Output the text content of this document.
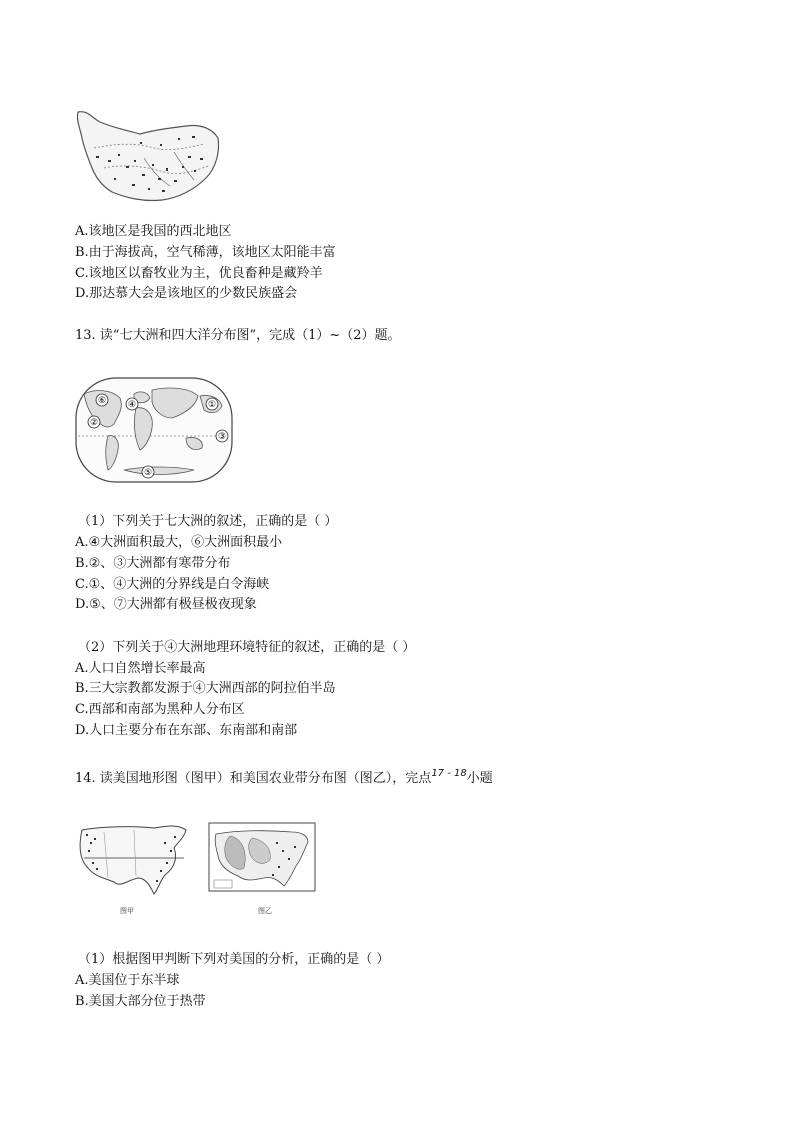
A.该地区是我国的西北地区
B.由于海拔高，空气稀薄，该地区太阳能丰富
C.该地区以畜牧业为主，优良畜种是藏羚羊
D.那达慕大会是该地区的少数民族盛会
13. 读“七大洲和四大洋分布图”，完成（1）~（2）题。
⑥ ④	①
②
③
⑤
（1）下列关于七大洲的叙述，正确的是（ ）
A.④大洲面积最大，⑥大洲面积最小
B.②、③大洲都有寒带分布
C.①、④大洲的分界线是白令海峡
D.⑤、⑦大洲都有极昼极夜现象
（2）下列关于④大洲地理环境特征的叙述，正确的是（ ）
A.人口自然增长率最高
B.三大宗教都发源于④大洲西部的阿拉伯半岛
C.西部和南部为黑种人分布区
D.人口主要分布在东部、东南部和南部
14. 读美国地形图（图甲）和美国农业带分布图（图乙），完点$^{17 - 18}$小题
图甲	图乙
（1）根据图甲判断下列对美国的分析，正确的是（ ）
A.美国位于东半球
B.美国大部分位于热带
